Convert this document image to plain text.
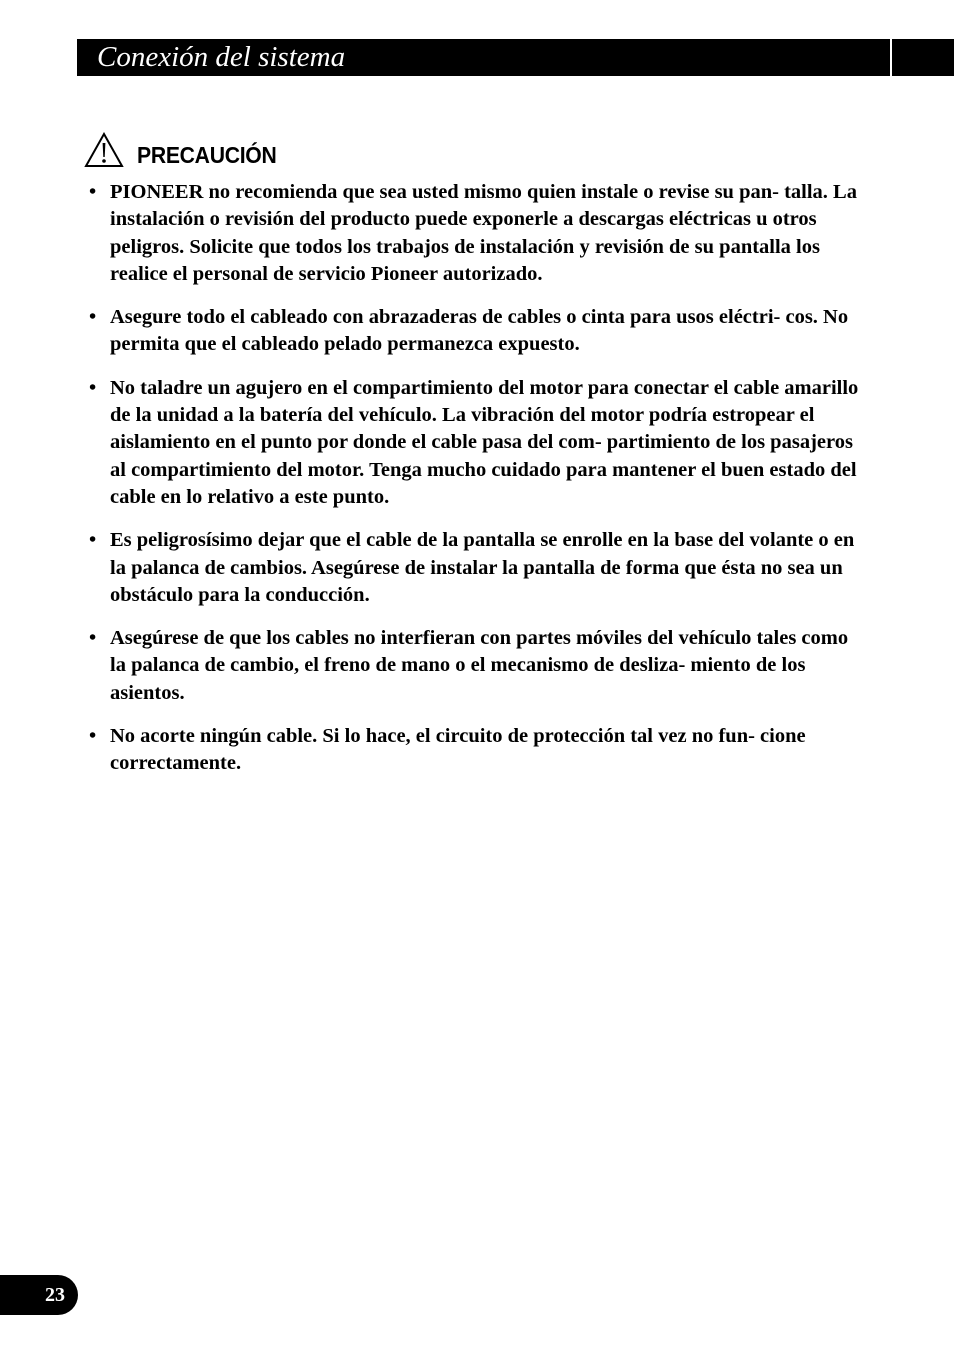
Conexión del sistema
PRECAUCIÓN
• PIONEER no recomienda que sea usted mismo quien instale o revise su pan- talla. La instalación o revisión del producto puede exponerle a descargas eléctricas u otros peligros. Solicite que todos los trabajos de instalación y revisión de su pantalla los realice el personal de servicio Pioneer autorizado.
• Asegure todo el cableado con abrazaderas de cables o cinta para usos eléctri- cos. No permita que el cableado pelado permanezca expuesto.
• No taladre un agujero en el compartimiento del motor para conectar el cable amarillo de la unidad a la batería del vehículo. La vibración del motor podría estropear el aislamiento en el punto por donde el cable pasa del com- partimiento de los pasajeros al compartimiento del motor. Tenga mucho cuidado para mantener el buen estado del cable en lo relativo a este punto.
• Es peligrosísimo dejar que el cable de la pantalla se enrolle en la base del volante o en la palanca de cambios. Asegúrese de instalar la pantalla de forma que ésta no sea un obstáculo para la conducción.
• Asegúrese de que los cables no interfieran con partes móviles del vehículo tales como la palanca de cambio, el freno de mano o el mecanismo de desliza- miento de los asientos.
• No acorte ningún cable. Si lo hace, el circuito de protección tal vez no fun- cione correctamente.
23
